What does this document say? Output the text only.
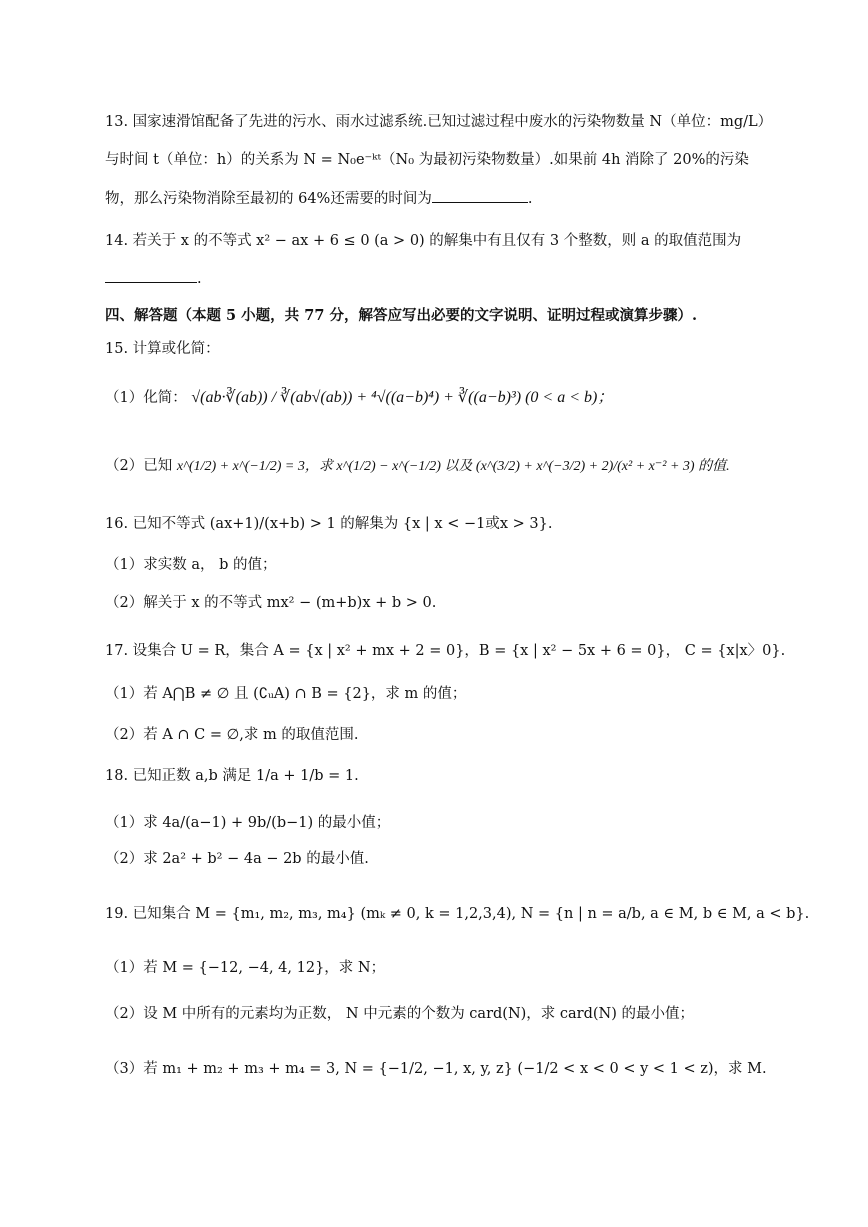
13. 国家速滑馆配备了先进的污水、雨水过滤系统.已知过滤过程中废水的污染物数量 N（单位：mg/L）
与时间 t（单位：h）的关系为 N = N₀e⁻ᵏᵗ（N₀ 为最初污染物数量）.如果前 4h 消除了 20%的污染
物，那么污染物消除至最初的 64%还需要的时间为	.
14. 若关于 x 的不等式 x² − ax + 6 ≤ 0 (a > 0) 的解集中有且仅有 3 个整数，则 a 的取值范围为
.
四、解答题（本题 5 小题，共 77 分，解答应写出必要的文字说明、证明过程或演算步骤）.
15. 计算或化简：
（1）化简： √(ab·∛(ab)) / ∛(ab√(ab)) + ⁴√((a−b)⁴) + ∛((a−b)³) (0 < a < b)；
（2）已知 x^(1/2) + x^(−1/2) = 3，求 x^(1/2) − x^(−1/2) 以及 (x^(3/2) + x^(−3/2) + 2)/(x² + x⁻² + 3) 的值.
16. 已知不等式 (ax+1)/(x+b) > 1 的解集为 {x | x < −1或x > 3}.
（1）求实数 a， b 的值；
（2）解关于 x 的不等式 mx² − (m+b)x + b > 0.
17. 设集合 U = R，集合 A = {x | x² + mx + 2 = 0}，B = {x | x² − 5x + 6 = 0}， C = {x|x〉0}.
（1）若 A⋂B ≠ ∅ 且 (∁ᵤA) ∩ B = {2}，求 m 的值；
（2）若 A ∩ C = ∅,求 m 的取值范围.
18. 已知正数 a,b 满足 1/a + 1/b = 1.
（1）求 4a/(a−1) + 9b/(b−1) 的最小值；
（2）求 2a² + b² − 4a − 2b 的最小值.
19. 已知集合 M = {m₁, m₂, m₃, m₄} (mₖ ≠ 0, k = 1,2,3,4), N = {n | n = a/b, a ∈ M, b ∈ M, a < b}.
（1）若 M = {−12, −4, 4, 12}，求 N；
（2）设 M 中所有的元素均为正数， N 中元素的个数为 card(N)，求 card(N) 的最小值；
（3）若 m₁ + m₂ + m₃ + m₄ = 3, N = {−1/2, −1, x, y, z} (−1/2 < x < 0 < y < 1 < z)，求 M.
